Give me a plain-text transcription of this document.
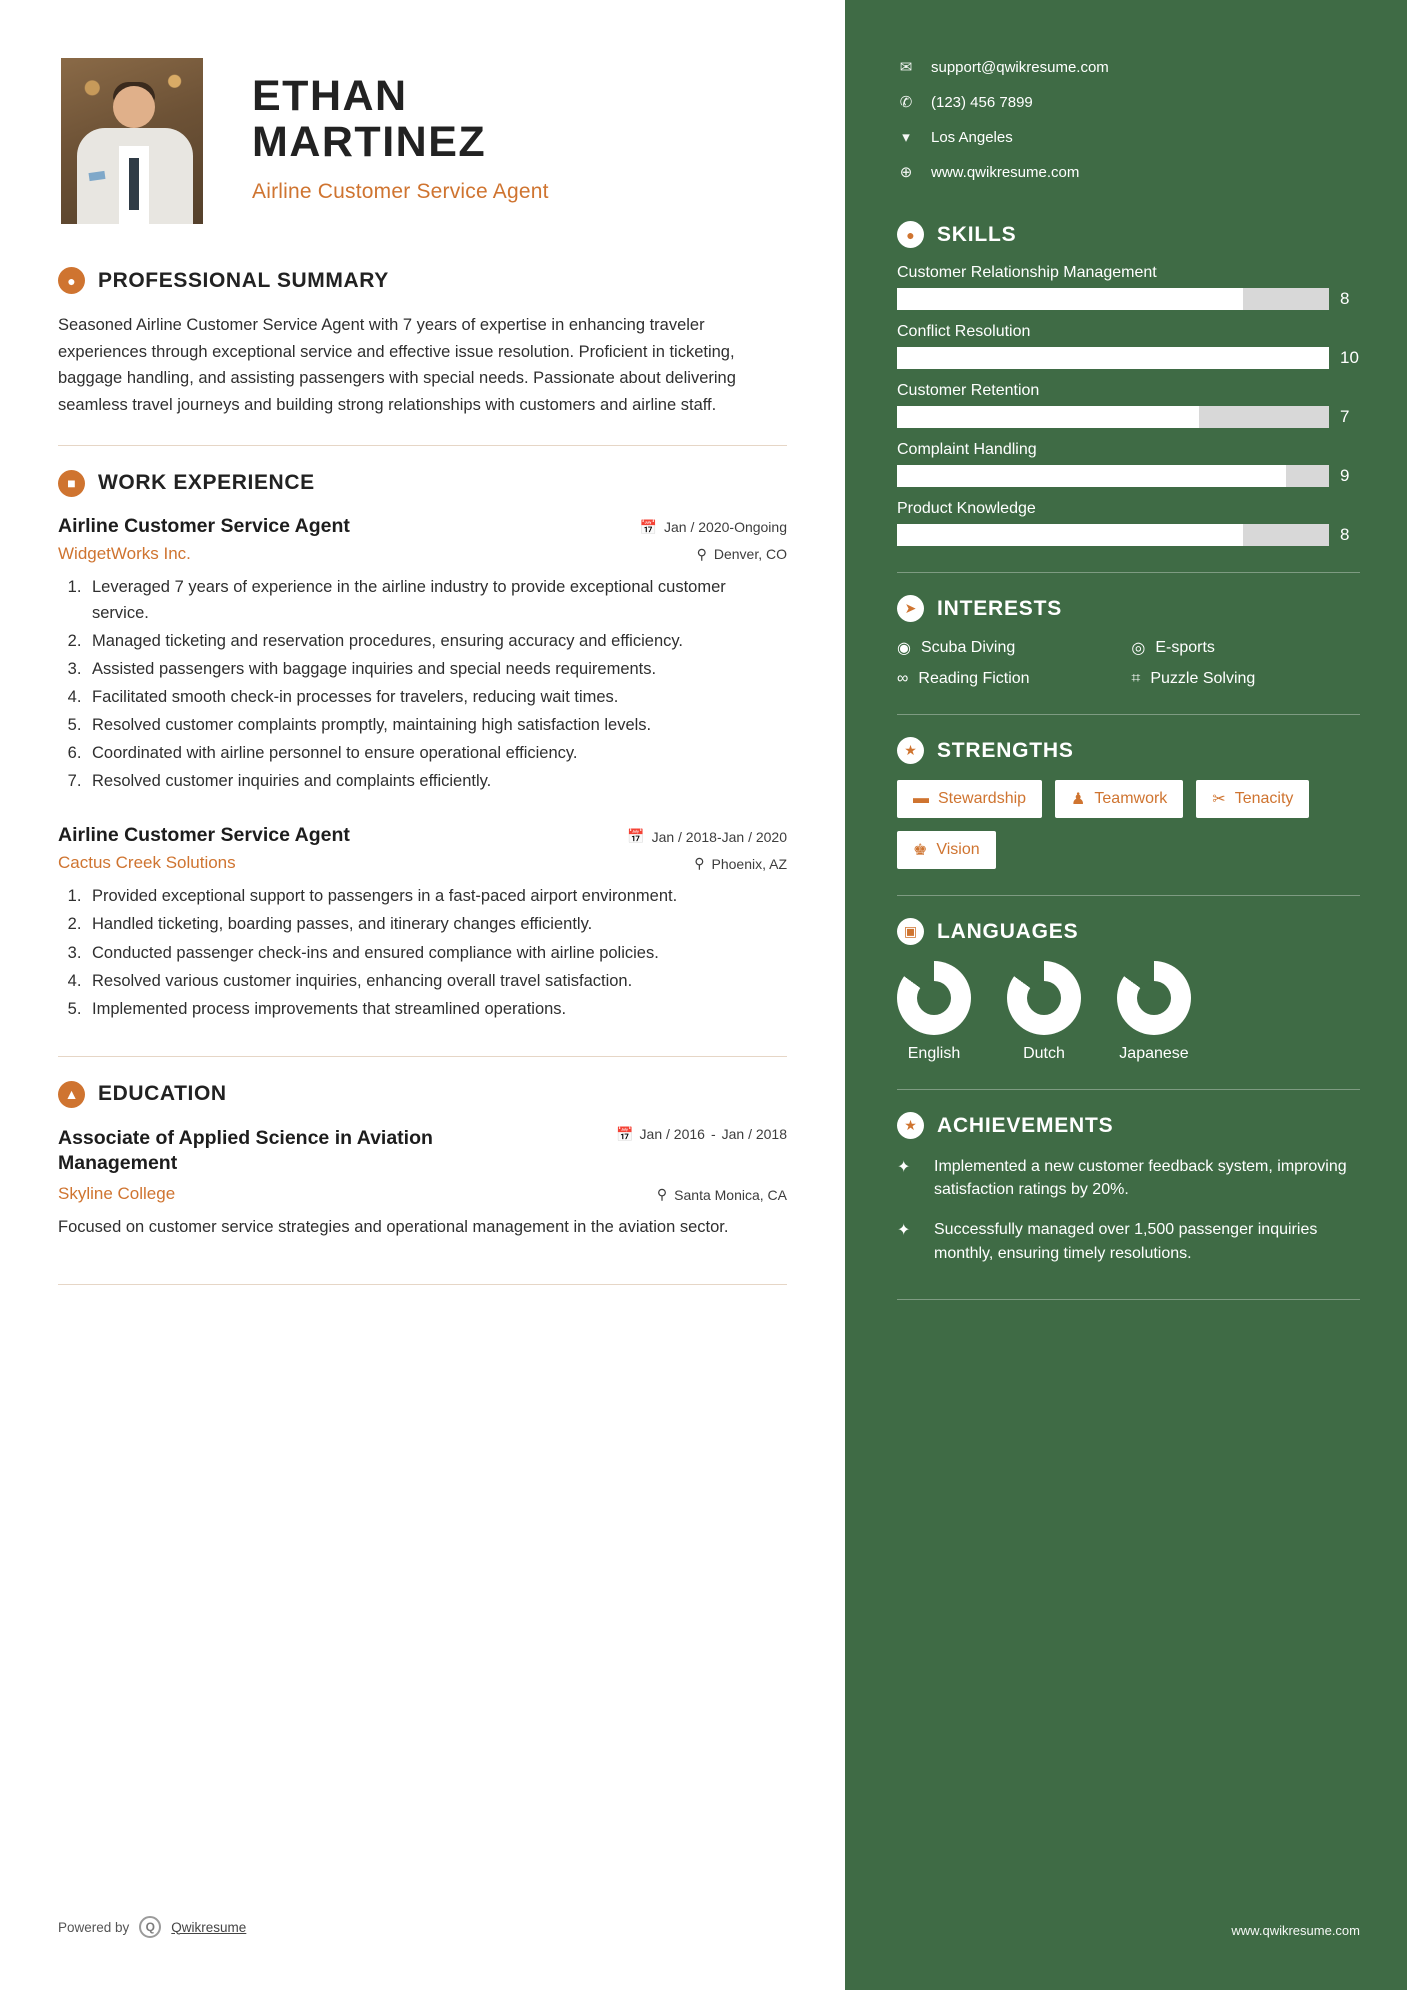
ETHAN
MARTINEZ
Airline Customer Service Agent
●	PROFESSIONAL SUMMARY
Seasoned Airline Customer Service Agent with 7 years of expertise in enhancing traveler experiences through exceptional service and effective issue resolution. Proficient in ticketing, baggage handling, and assisting passengers with special needs. Passionate about delivering seamless travel journeys and building strong relationships with customers and airline staff.
■	WORK EXPERIENCE
Airline Customer Service Agent	📅 Jan / 2020-Ongoing
WidgetWorks Inc.	⚲ Denver, CO
1. Leveraged 7 years of experience in the airline industry to provide exceptional customer service.
2. Managed ticketing and reservation procedures, ensuring accuracy and efficiency.
3. Assisted passengers with baggage inquiries and special needs requirements.
4. Facilitated smooth check-in processes for travelers, reducing wait times.
5. Resolved customer complaints promptly, maintaining high satisfaction levels.
6. Coordinated with airline personnel to ensure operational efficiency.
7. Resolved customer inquiries and complaints efficiently.
Airline Customer Service Agent	📅 Jan / 2018-Jan / 2020
Cactus Creek Solutions	⚲ Phoenix, AZ
1. Provided exceptional support to passengers in a fast-paced airport environment.
2. Handled ticketing, boarding passes, and itinerary changes efficiently.
3. Conducted passenger check-ins and ensured compliance with airline policies.
4. Resolved various customer inquiries, enhancing overall travel satisfaction.
5. Implemented process improvements that streamlined operations.
▲ EDUCATION
Associate of Applied Science in Aviation Management
📅 Jan / 2016 - Jan / 2018
Skyline College	⚲ Santa Monica, CA
Focused on customer service strategies and operational management in the aviation sector.
Powered by	Q	Qwikresume
✉ support@qwikresume.com
✆ (123) 456 7899
▾	Los Angeles
⊕ www.qwikresume.com
●	SKILLS
Customer Relationship Management
8
Conflict Resolution
10
Customer Retention
7
Complaint Handling
9
Product Knowledge
8
➤ INTERESTS
◉ Scuba Diving	◎ E-sports
∞ Reading Fiction	⌗ Puzzle Solving
★ STRENGTHS
▬ Stewardship	♟ Teamwork	✂ Tenacity
♚ Vision
▣ LANGUAGES
English	Dutch	Japanese
★ ACHIEVEMENTS
✦	Implemented a new customer feedback system, improving satisfaction ratings by 20%.
✦	Successfully managed over 1,500 passenger inquiries monthly, ensuring timely resolutions.
www.qwikresume.com
